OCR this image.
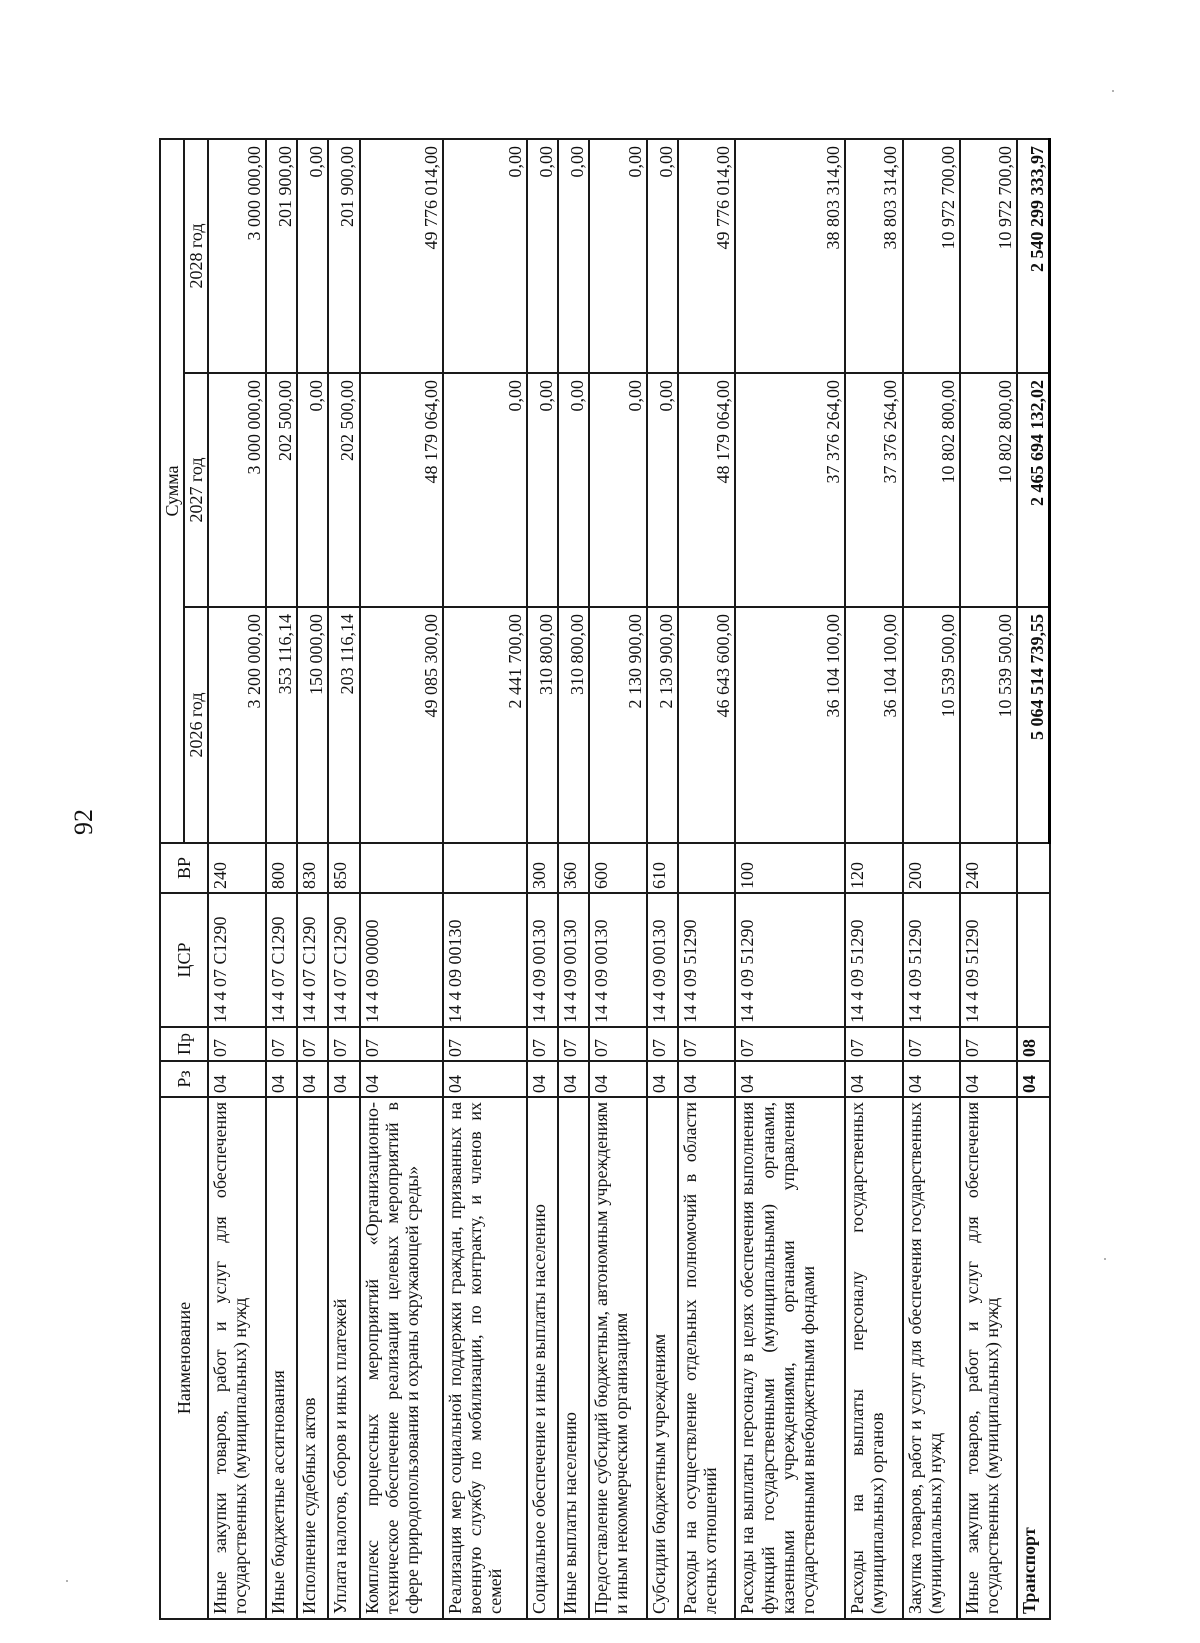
92
Наименование	Рз	Пр	ЦСР	ВР	Сумма		
					2026 год	2027 год	2028 год
Иные закупки товаров, работ и услуг для обеспечения государственных (муниципальных) нужд	04	07	14 4 07 С1290	240	3 200 000,00	3 000 000,00	3 000 000,00
Иные бюджетные ассигнования	04	07	14 4 07 С1290	800	353 116,14	202 500,00	201 900,00
Исполнение судебных актов	04	07	14 4 07 С1290	830	150 000,00	0,00	0,00
Уплата налогов, сборов и иных платежей	04	07	14 4 07 С1290	850	203 116,14	202 500,00	201 900,00
Комплекс процессных мероприятий «Организационно-техническое обеспечение реализации целевых мероприятий в сфере природопользования и охраны окружающей среды»	04	07	14 4 09 00000		49 085 300,00	48 179 064,00	49 776 014,00
Реализация мер социальной поддержки граждан, призванных на военную службу по мобилизации, по контракту, и членов их семей	04	07	14 4 09 00130		2 441 700,00	0,00	0,00
Социальное обеспечение и иные выплаты населению	04	07	14 4 09 00130	300	310 800,00	0,00	0,00
Иные выплаты населению	04	07	14 4 09 00130	360	310 800,00	0,00	0,00
Предоставление субсидий бюджетным, автономным учреждениям и иным некоммерческим организациям	04	07	14 4 09 00130	600	2 130 900,00	0,00	0,00
Субсидии бюджетным учреждениям	04	07	14 4 09 00130	610	2 130 900,00	0,00	0,00
Расходы на осуществление отдельных полномочий в области лесных отношений	04	07	14 4 09 51290		46 643 600,00	48 179 064,00	49 776 014,00
Расходы на выплаты персоналу в целях обеспечения выполнения функций государственными (муниципальными) органами, казенными учреждениями, органами управления государственными внебюджетными фондами	04	07	14 4 09 51290	100	36 104 100,00	37 376 264,00	38 803 314,00
Расходы на выплаты персоналу государственных (муниципальных) органов	04	07	14 4 09 51290	120	36 104 100,00	37 376 264,00	38 803 314,00
Закупка товаров, работ и услуг для обеспечения государственных (муниципальных) нужд	04	07	14 4 09 51290	200	10 539 500,00	10 802 800,00	10 972 700,00
Иные закупки товаров, работ и услуг для обеспечения государственных (муниципальных) нужд	04	07	14 4 09 51290	240	10 539 500,00	10 802 800,00	10 972 700,00
Транспорт	04	08			5 064 514 739,55	2 465 694 132,02	2 540 299 333,97
